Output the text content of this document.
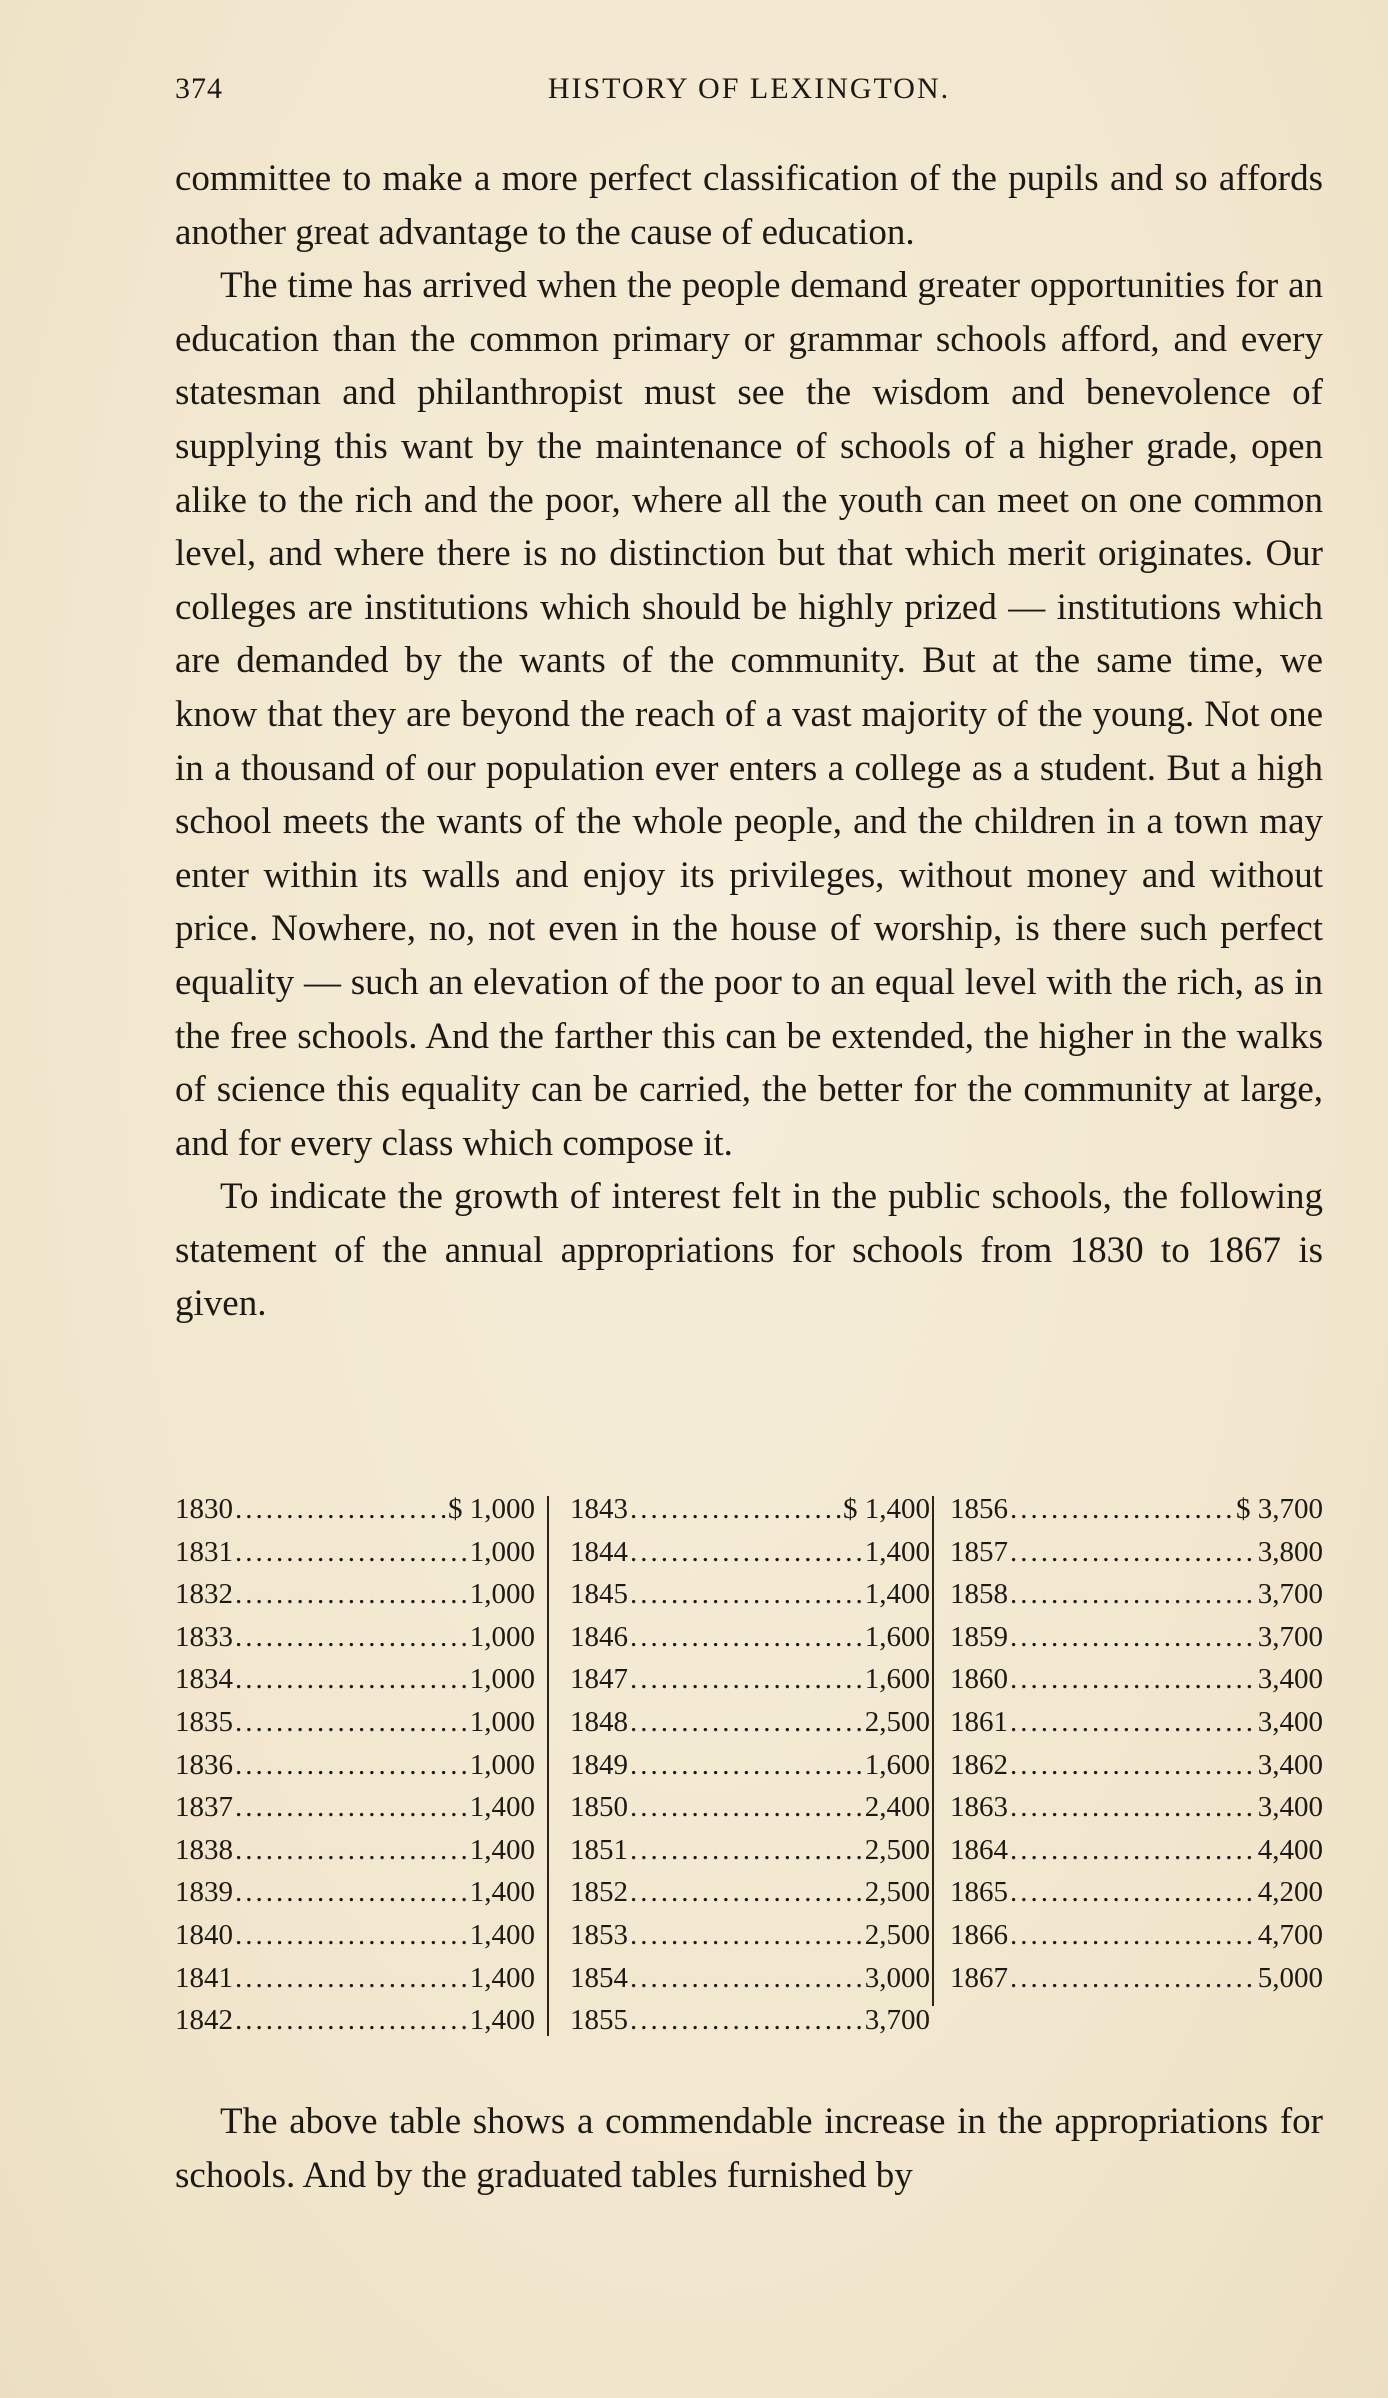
374	HISTORY OF LEXINGTON.

committee to make a more perfect classification of the pupils and so affords another great advantage to the cause of education.

The time has arrived when the people demand greater opportunities for an education than the common primary or grammar schools afford, and every statesman and philanthropist must see the wisdom and benevolence of supplying this want by the maintenance of schools of a higher grade, open alike to the rich and the poor, where all the youth can meet on one common level, and where there is no distinction but that which merit originates. Our colleges are institutions which should be highly prized — institutions which are demanded by the wants of the community. But at the same time, we know that they are beyond the reach of a vast majority of the young. Not one in a thousand of our population ever enters a college as a student. But a high school meets the wants of the whole people, and the children in a town may enter within its walls and enjoy its privileges, without money and without price. Nowhere, no, not even in the house of worship, is there such perfect equality — such an elevation of the poor to an equal level with the rich, as in the free schools. And the farther this can be extended, the higher in the walks of science this equality can be carried, the better for the community at large, and for every class which compose it.

To indicate the growth of interest felt in the public schools, the following statement of the annual appropriations for schools from 1830 to 1867 is given.

1830 .....	$ 1,000
1831 .....	1,000
1832 .....	1,000
1833 .....	1,000
1834 .....	1,000
1835 .....	1,000
1836 .....	1,000
1837 .....	1,400
1838 .....	1,400
1839 .....	1,400
1840 .....	1,400
1841 .....	1,400
1842 .....	1,400
1843 .....	$ 1,400
1844 .....	1,400
1845 .....	1,400
1846 .....	1,600
1847 .....	1,600
1848 .....	2,500
1849 .....	1,600
1850 .....	2,400
1851 .....	2,500
1852 .....	2,500
1853 .....	2,500
1854 .....	3,000
1855 .....	3,700
1856 .....	$ 3,700
1857 .....	3,800
1858 .....	3,700
1859 .....	3,700
1860 .....	3,400
1861 .....	3,400
1862 .....	3,400
1863 .....	3,400
1864 .....	4,400
1865 .....	4,200
1866 .....	4,700
1867 .....	5,000

The above table shows a commendable increase in the appropriations for schools. And by the graduated tables furnished by
